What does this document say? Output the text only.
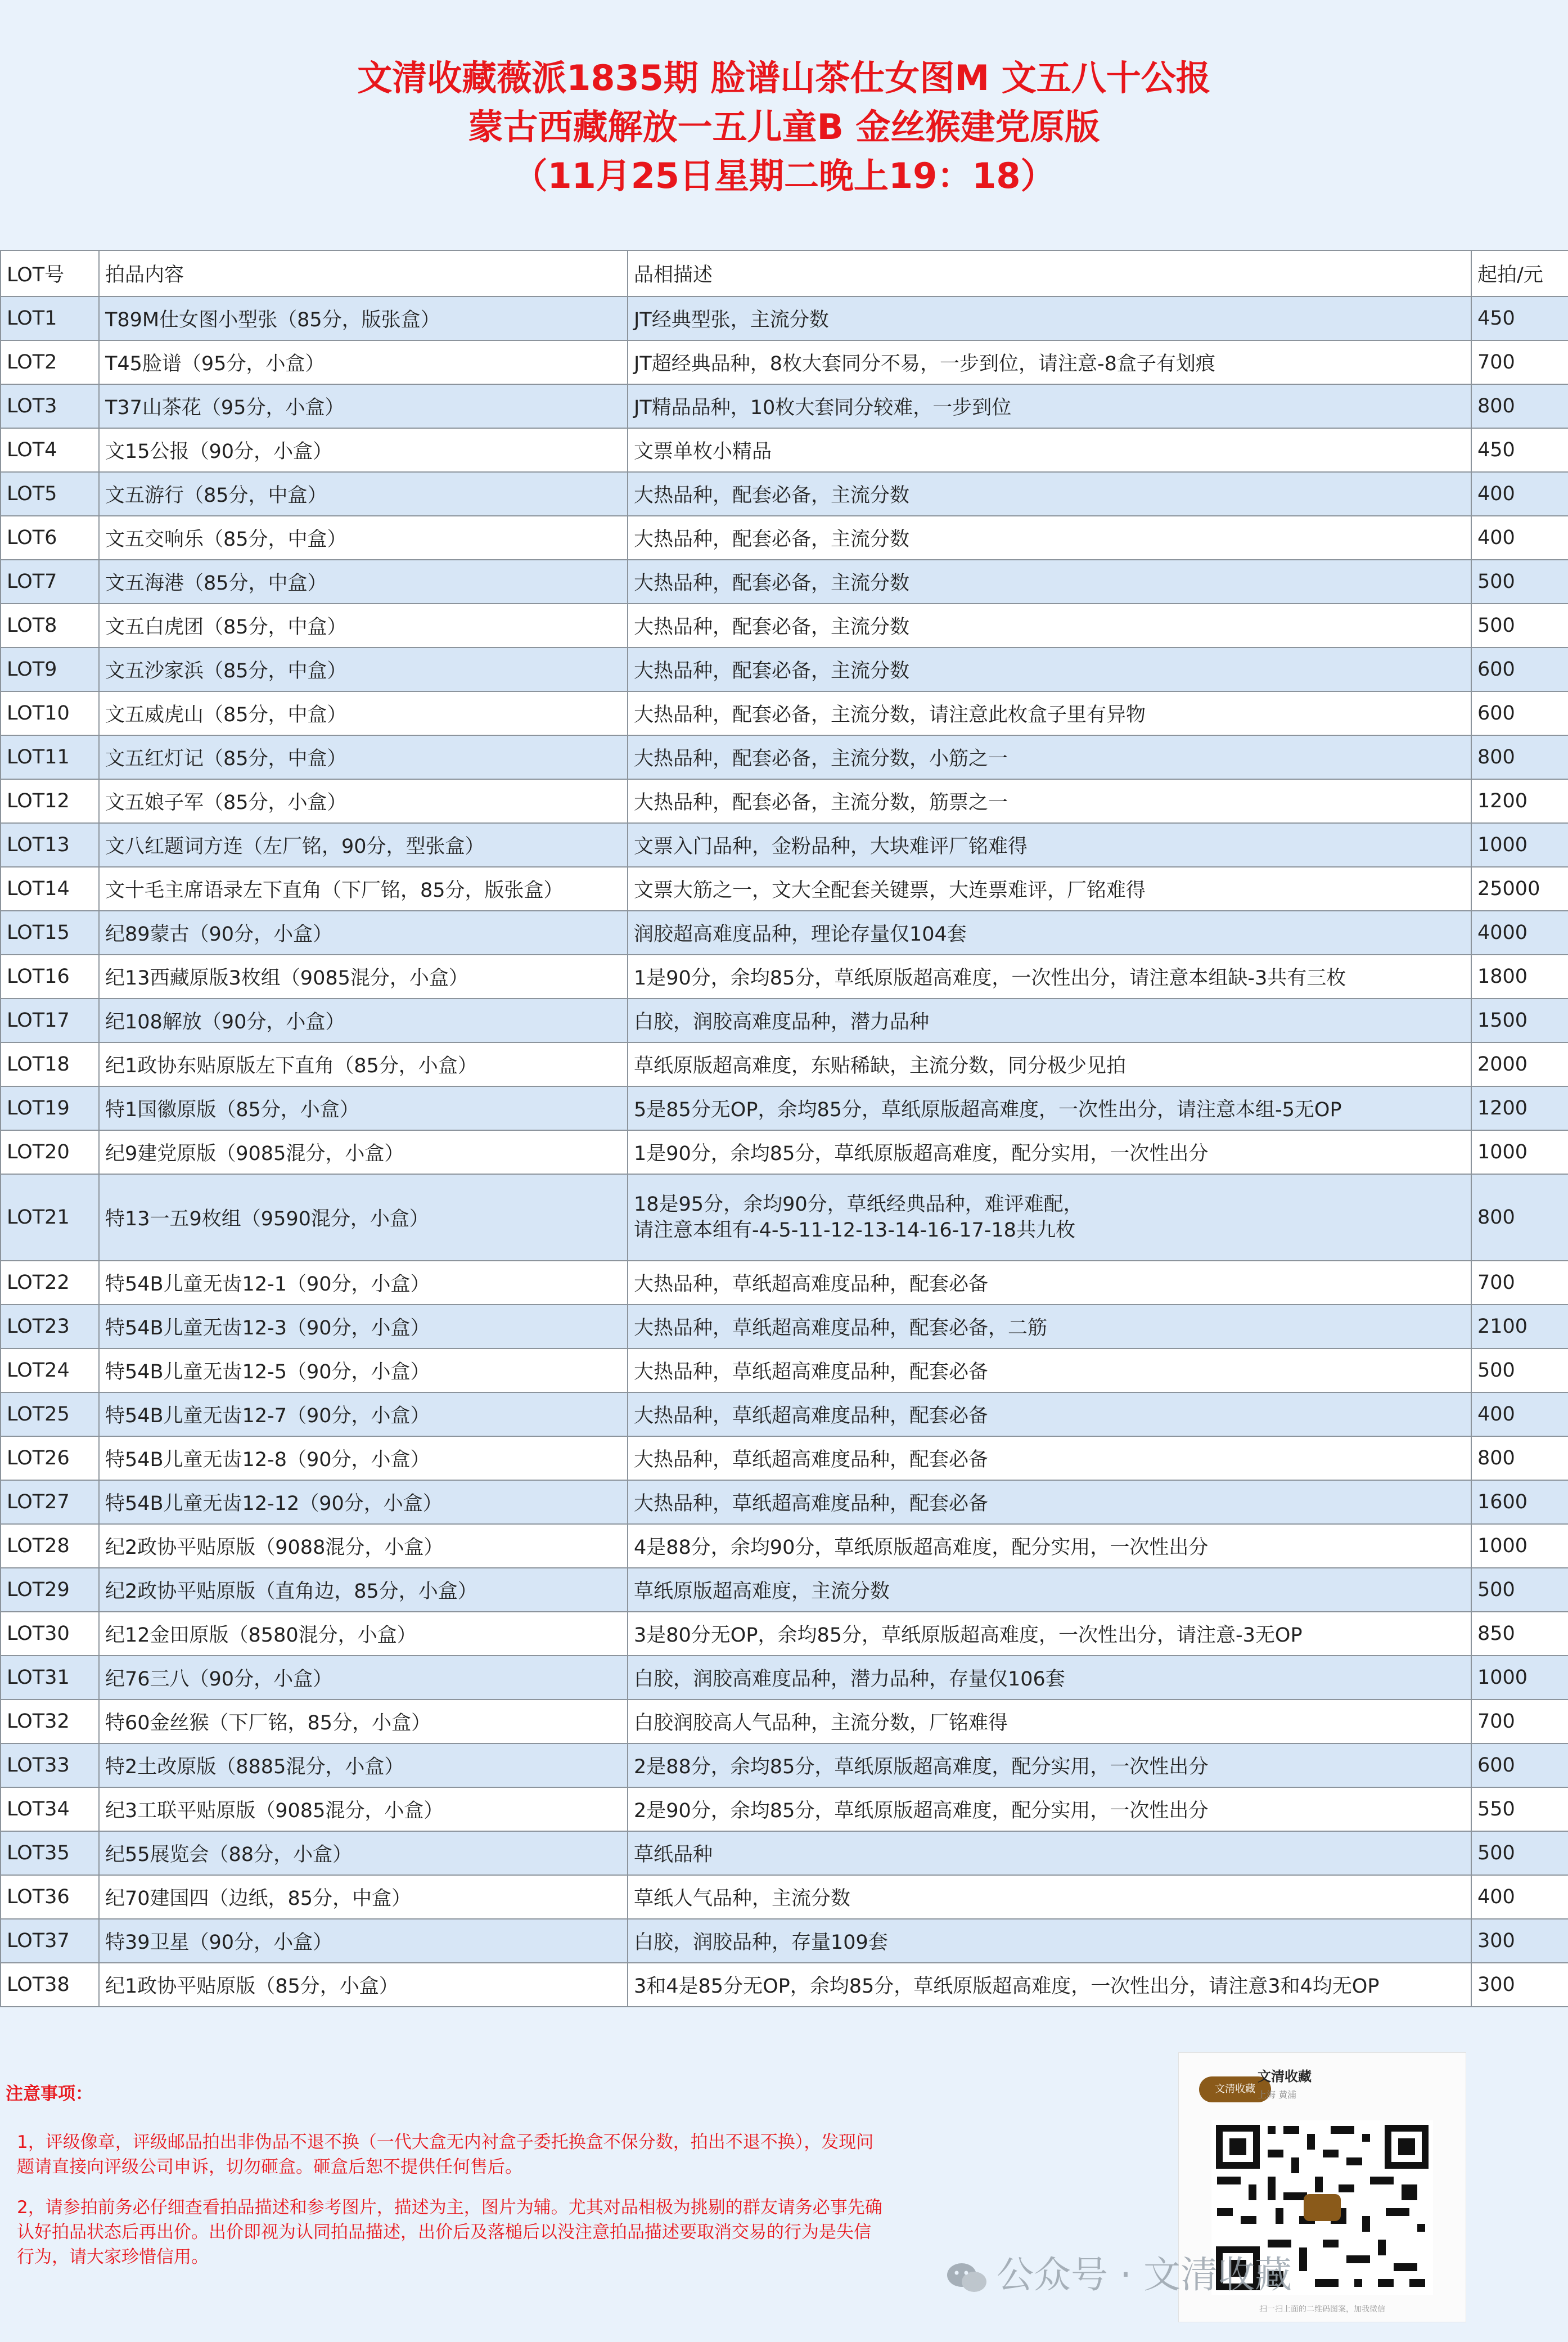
文清收藏薇派1835期 脸谱山茶仕女图M 文五八十公报
蒙古西藏解放一五儿童B 金丝猴建党原版
（11月25日星期二晚上19：18）
LOT号	拍品内容	品相描述	起拍/元
LOT1	T89M仕女图小型张（85分，版张盒）	JT经典型张，主流分数	450
LOT2	T45脸谱（95分，小盒）	JT超经典品种，8枚大套同分不易，一步到位，请注意-8盒子有划痕	700
LOT3	T37山茶花（95分，小盒）	JT精品品种，10枚大套同分较难，一步到位	800
LOT4	文15公报（90分，小盒）	文票单枚小精品	450
LOT5	文五游行（85分，中盒）	大热品种，配套必备，主流分数	400
LOT6	文五交响乐（85分，中盒）	大热品种，配套必备，主流分数	400
LOT7	文五海港（85分，中盒）	大热品种，配套必备，主流分数	500
LOT8	文五白虎团（85分，中盒）	大热品种，配套必备，主流分数	500
LOT9	文五沙家浜（85分，中盒）	大热品种，配套必备，主流分数	600
LOT10	文五威虎山（85分，中盒）	大热品种，配套必备，主流分数，请注意此枚盒子里有异物	600
LOT11	文五红灯记（85分，中盒）	大热品种，配套必备，主流分数，小筋之一	800
LOT12	文五娘子军（85分，小盒）	大热品种，配套必备，主流分数，筋票之一	1200
LOT13	文八红题词方连（左厂铭，90分，型张盒）	文票入门品种，金粉品种，大块难评厂铭难得	1000
LOT14	文十毛主席语录左下直角（下厂铭，85分，版张盒）	文票大筋之一，文大全配套关键票，大连票难评，厂铭难得	25000
LOT15	纪89蒙古（90分，小盒）	润胶超高难度品种，理论存量仅104套	4000
LOT16	纪13西藏原版3枚组（9085混分，小盒）	1是90分，余均85分，草纸原版超高难度，一次性出分，请注意本组缺-3共有三枚	1800
LOT17	纪108解放（90分，小盒）	白胶，润胶高难度品种，潜力品种	1500
LOT18	纪1政协东贴原版左下直角（85分，小盒）	草纸原版超高难度，东贴稀缺，主流分数，同分极少见拍	2000
LOT19	特1国徽原版（85分，小盒）	5是85分无OP，余均85分，草纸原版超高难度，一次性出分，请注意本组-5无OP	1200
LOT20	纪9建党原版（9085混分，小盒）	1是90分，余均85分，草纸原版超高难度，配分实用，一次性出分	1000
LOT21	特13一五9枚组（9590混分，小盒）	18是95分，余均90分，草纸经典品种，难评难配，
请注意本组有-4-5-11-12-13-14-16-17-18共九枚	800
LOT22	特54B儿童无齿12-1（90分，小盒）	大热品种，草纸超高难度品种，配套必备	700
LOT23	特54B儿童无齿12-3（90分，小盒）	大热品种，草纸超高难度品种，配套必备，二筋	2100
LOT24	特54B儿童无齿12-5（90分，小盒）	大热品种，草纸超高难度品种，配套必备	500
LOT25	特54B儿童无齿12-7（90分，小盒）	大热品种，草纸超高难度品种，配套必备	400
LOT26	特54B儿童无齿12-8（90分，小盒）	大热品种，草纸超高难度品种，配套必备	800
LOT27	特54B儿童无齿12-12（90分，小盒）	大热品种，草纸超高难度品种，配套必备	1600
LOT28	纪2政协平贴原版（9088混分，小盒）	4是88分，余均90分，草纸原版超高难度，配分实用，一次性出分	1000
LOT29	纪2政协平贴原版（直角边，85分，小盒）	草纸原版超高难度，主流分数	500
LOT30	纪12金田原版（8580混分，小盒）	3是80分无OP，余均85分，草纸原版超高难度，一次性出分，请注意-3无OP	850
LOT31	纪76三八（90分，小盒）	白胶，润胶高难度品种，潜力品种，存量仅106套	1000
LOT32	特60金丝猴（下厂铭，85分，小盒）	白胶润胶高人气品种，主流分数，厂铭难得	700
LOT33	特2土改原版（8885混分，小盒）	2是88分，余均85分，草纸原版超高难度，配分实用，一次性出分	600
LOT34	纪3工联平贴原版（9085混分，小盒）	2是90分，余均85分，草纸原版超高难度，配分实用，一次性出分	550
LOT35	纪55展览会（88分，小盒）	草纸品种	500
LOT36	纪70建国四（边纸，85分，中盒）	草纸人气品种，主流分数	400
LOT37	特39卫星（90分，小盒）	白胶，润胶品种，存量109套	300
LOT38	纪1政协平贴原版（85分，小盒）	3和4是85分无OP，余均85分，草纸原版超高难度，一次性出分，请注意3和4均无OP	300
注意事项：

1，评级像章，评级邮品拍出非伪品不退不换（一代大盒无内衬盒子委托换盒不保分数，拍出不退不换），发现问题请直接向评级公司申诉，切勿砸盒。砸盒后恕不提供任何售后。

2，请参拍前务必仔细查看拍品描述和参考图片，描述为主，图片为辅。尤其对品相极为挑剔的群友请务必事先确认好拍品状态后再出价。出价即视为认同拍品描述，出价后及落槌后以没注意拍品描述要取消交易的行为是失信行为，请大家珍惜信用。

文清收藏
文清收藏
上海 黄浦
扫一扫上面的二维码图案，加我微信
公众号 · 文清收藏
